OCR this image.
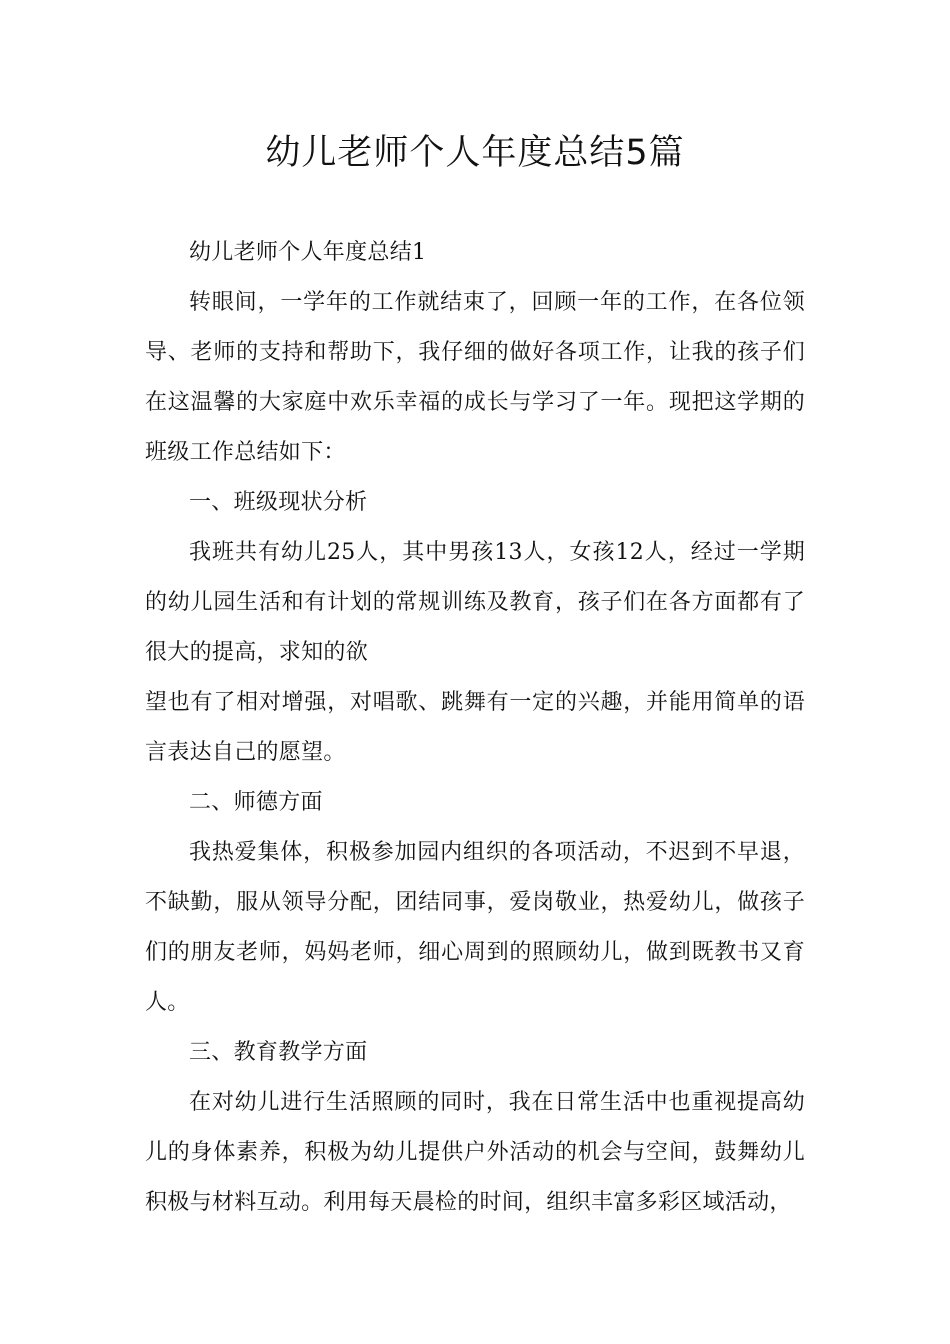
幼儿老师个人年度总结5篇

幼儿老师个人年度总结1

转眼间，一学年的工作就结束了，回顾一年的工作，在各位领导、老师的支持和帮助下，我仔细的做好各项工作，让我的孩子们在这温馨的大家庭中欢乐幸福的成长与学习了一年。现把这学期的班级工作总结如下：

一、班级现状分析

我班共有幼儿25人，其中男孩13人，女孩12人，经过一学期的幼儿园生活和有计划的常规训练及教育，孩子们在各方面都有了很大的提高，求知的欲

望也有了相对增强，对唱歌、跳舞有一定的兴趣，并能用简单的语言表达自己的愿望。

二、师德方面

我热爱集体，积极参加园内组织的各项活动，不迟到不早退，不缺勤，服从领导分配，团结同事，爱岗敬业，热爱幼儿，做孩子们的朋友老师，妈妈老师，细心周到的照顾幼儿，做到既教书又育人。

三、教育教学方面

在对幼儿进行生活照顾的同时，我在日常生活中也重视提高幼儿的身体素养，积极为幼儿提供户外活动的机会与空间，鼓舞幼儿积极与材料互动。利用每天晨检的时间，组织丰富多彩区域活动，
